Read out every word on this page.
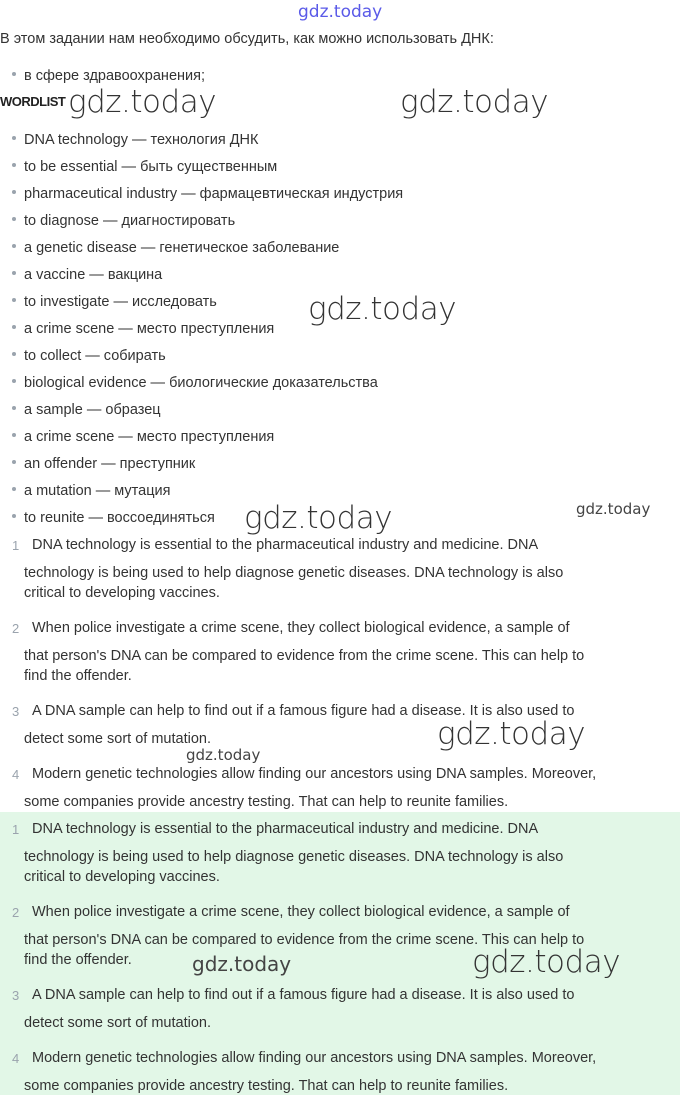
gdz.today
В этом задании нам необходимо обсудить, как можно использовать ДНК:
в сфере здравоохранения;
WORDLIST
DNA technology — технология ДНК
to be essential — быть существенным
pharmaceutical industry — фармацевтическая индустрия
to diagnose — диагностировать
a genetic disease — генетическое заболевание
a vaccine — вакцина
to investigate — исследовать
a crime scene — место преступления
to collect — собирать
biological evidence — биологические доказательства
a sample — образец
a crime scene — место преступления
an offender — преступник
a mutation — мутация
to reunite — воссоединяться
1 DNA technology is essential to the pharmaceutical industry and medicine. DNA
technology is being used to help diagnose genetic diseases. DNA technology is also
critical to developing vaccines.
2 When police investigate a crime scene, they collect biological evidence, a sample of
that person's DNA can be compared to evidence from the crime scene. This can help to
find the offender.
3 A DNA sample can help to find out if a famous figure had a disease. It is also used to
detect some sort of mutation.
4 Modern genetic technologies allow finding our ancestors using DNA samples. Moreover,
some companies provide ancestry testing. That can help to reunite families.
1 DNA technology is essential to the pharmaceutical industry and medicine. DNA
technology is being used to help diagnose genetic diseases. DNA technology is also
critical to developing vaccines.
2 When police investigate a crime scene, they collect biological evidence, a sample of
that person's DNA can be compared to evidence from the crime scene. This can help to
find the offender.
3 A DNA sample can help to find out if a famous figure had a disease. It is also used to
detect some sort of mutation.
4 Modern genetic technologies allow finding our ancestors using DNA samples. Moreover,
some companies provide ancestry testing. That can help to reunite families.
gdz.today	gdz.today
gdz.today
gdz.today	gdz.today
gdz.today
gdz.today
gdz.today	gdz.today
